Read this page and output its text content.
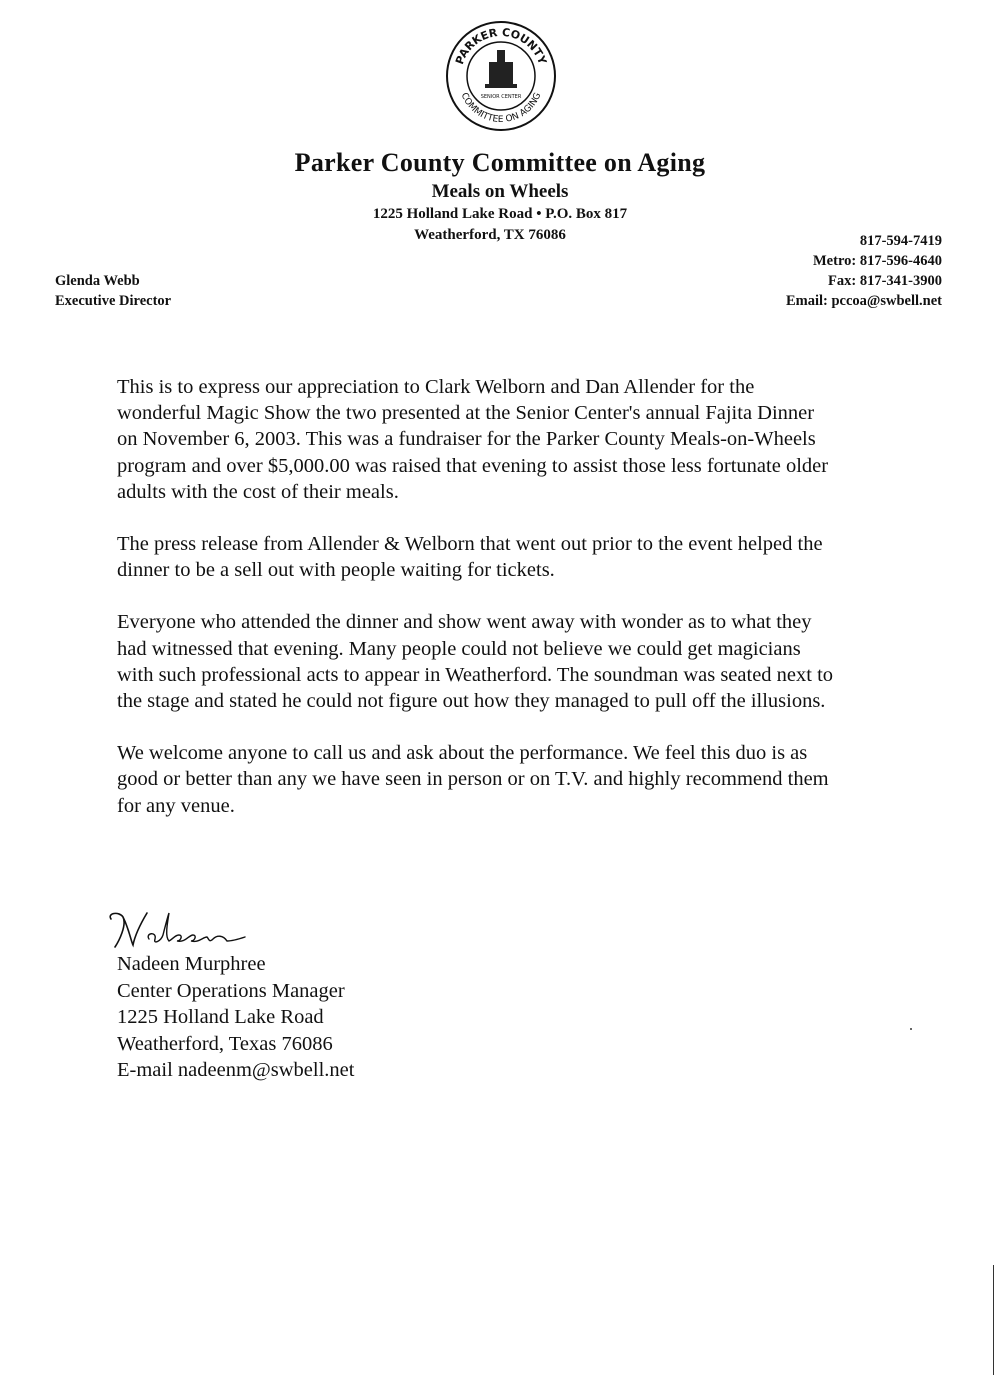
PARKER COUNTY
COMMITTEE ON AGING
SENIOR CENTER
Parker County Committee on Aging
Meals on Wheels
1225 Holland Lake Road • P.O. Box 817
Weatherford, TX 76086
Glenda Webb
Executive Director
817-594-7419
Metro: 817-596-4640
Fax: 817-341-3900
Email: pccoa@swbell.net

This is to express our appreciation to Clark Welborn and Dan Allender for the wonderful Magic Show the two presented at the Senior Center's annual Fajita Dinner on November 6, 2003. This was a fundraiser for the Parker County Meals-on-Wheels program and over $5,000.00 was raised that evening to assist those less fortunate older adults with the cost of their meals.

The press release from Allender & Welborn that went out prior to the event helped the dinner to be a sell out with people waiting for tickets.

Everyone who attended the dinner and show went away with wonder as to what they had witnessed that evening. Many people could not believe we could get magicians with such professional acts to appear in Weatherford. The soundman was seated next to the stage and stated he could not figure out how they managed to pull off the illusions.

We welcome anyone to call us and ask about the performance. We feel this duo is as good or better than any we have seen in person or on T.V. and highly recommend them for any venue.

Nadeen Murphree
Center Operations Manager
1225 Holland Lake Road
Weatherford, Texas 76086
E-mail nadeenm@swbell.net
